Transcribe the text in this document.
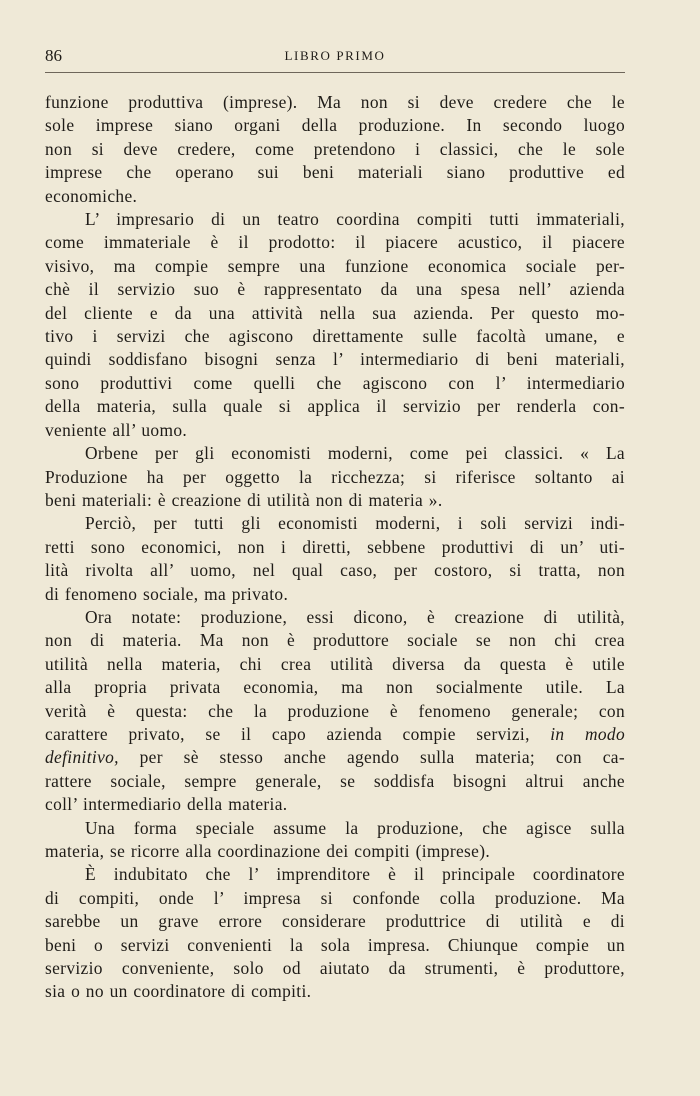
86	LIBRO PRIMO

funzione produttiva (imprese). Ma non si deve credere che le
sole imprese siano organi della produzione. In secondo luogo
non si deve credere, come pretendono i classici, che le sole
imprese che operano sui beni materiali siano produttive ed
economiche.

L’ impresario di un teatro coordina compiti tutti immateriali,
come immateriale è il prodotto: il piacere acustico, il piacere
visivo, ma compie sempre una funzione economica sociale per-
chè il servizio suo è rappresentato da una spesa nell’ azienda
del cliente e da una attività nella sua azienda. Per questo mo-
tivo i servizi che agiscono direttamente sulle facoltà umane, e
quindi soddisfano bisogni senza l’ intermediario di beni materiali,
sono produttivi come quelli che agiscono con l’ intermediario
della materia, sulla quale si applica il servizio per renderla con-
veniente all’ uomo.

Orbene per gli economisti moderni, come pei classici. « La
Produzione ha per oggetto la ricchezza; si riferisce soltanto ai
beni materiali: è creazione di utilità non di materia ».

Perciò, per tutti gli economisti moderni, i soli servizi indi-
retti sono economici, non i diretti, sebbene produttivi di un’ uti-
lità rivolta all’ uomo, nel qual caso, per costoro, si tratta, non
di fenomeno sociale, ma privato.

Ora notate: produzione, essi dicono, è creazione di utilità,
non di materia. Ma non è produttore sociale se non chi crea
utilità nella materia, chi crea utilità diversa da questa è utile
alla propria privata economia, ma non socialmente utile. La
verità è questa: che la produzione è fenomeno generale; con
carattere privato, se il capo azienda compie servizi, in modo
definitivo, per sè stesso anche agendo sulla materia; con ca-
rattere sociale, sempre generale, se soddisfa bisogni altrui anche
coll’ intermediario della materia.

Una forma speciale assume la produzione, che agisce sulla
materia, se ricorre alla coordinazione dei compiti (imprese).

È indubitato che l’ imprenditore è il principale coordinatore
di compiti, onde l’ impresa si confonde colla produzione. Ma
sarebbe un grave errore considerare produttrice di utilità e di
beni o servizi convenienti la sola impresa. Chiunque compie un
servizio conveniente, solo od aiutato da strumenti, è produttore,
sia o no un coordinatore di compiti.
